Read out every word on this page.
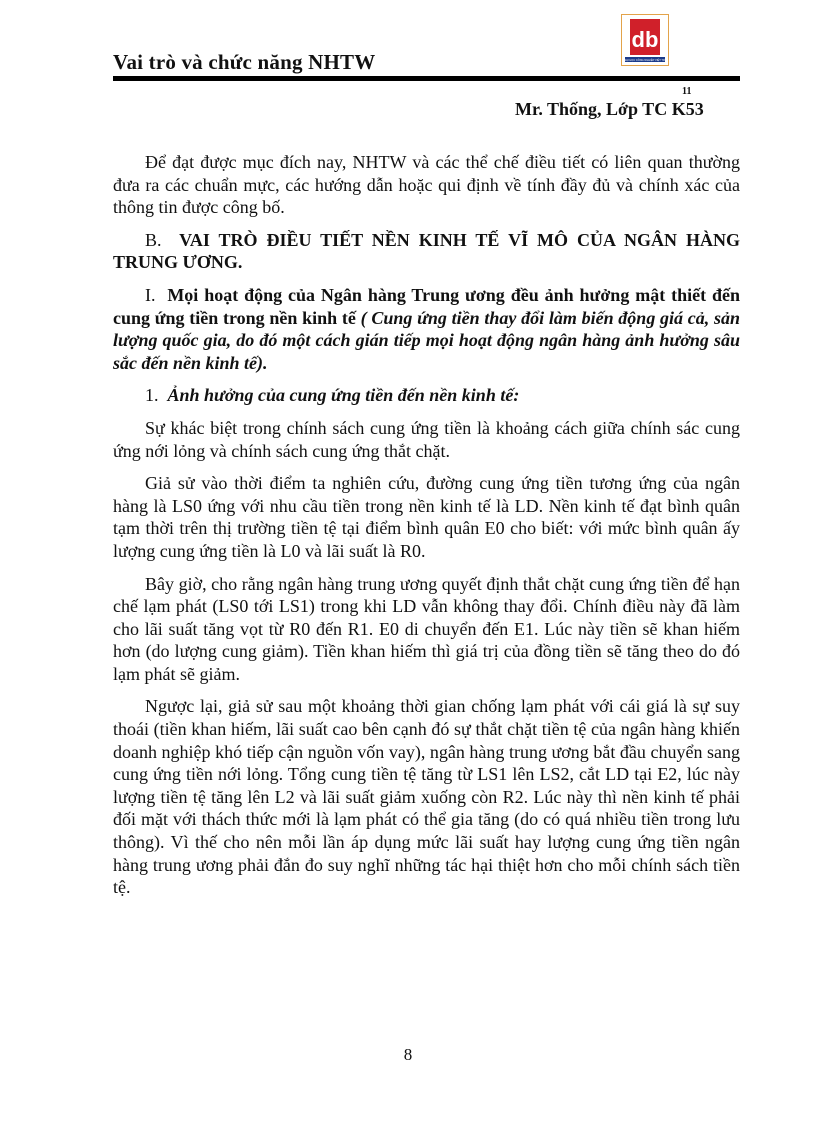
Vai trò và chức năng NHTW
db
ĐẠI HỌC CÔNG NGHIỆP VIỆT TRÌ
11
Mr. Thống, Lớp TC K53

Để đạt được mục đích nay, NHTW và các thể chế điều tiết có liên quan thường đưa ra các chuẩn mực, các hướng dẫn hoặc qui định về tính đầy đủ và chính xác của thông tin được công bố.

B. VAI TRÒ ĐIỀU TIẾT NỀN KINH TẾ VĨ MÔ CỦA NGÂN HÀNG TRUNG ƯƠNG.

I. Mọi hoạt động của Ngân hàng Trung ương đều ảnh hưởng mật thiết đến cung ứng tiền trong nền kinh tế ( Cung ứng tiền thay đổi làm biến động giá cả, sản lượng quốc gia, do đó một cách gián tiếp mọi hoạt động ngân hàng ảnh hưởng sâu sắc đến nền kinh tế).

1. Ảnh hưởng của cung ứng tiền đến nền kinh tế:

Sự khác biệt trong chính sách cung ứng tiền là khoảng cách giữa chính sác cung ứng nới lỏng và chính sách cung ứng thắt chặt.

Giả sử vào thời điểm ta nghiên cứu, đường cung ứng tiền tương ứng của ngân hàng là LS0 ứng với nhu cầu tiền trong nền kinh tế là LD. Nền kinh tế đạt bình quân tạm thời trên thị trường tiền tệ tại điểm bình quân E0 cho biết: với mức bình quân ấy lượng cung ứng tiền là L0 và lãi suất là R0.

Bây giờ, cho rằng ngân hàng trung ương quyết định thắt chặt cung ứng tiền để hạn chế lạm phát (LS0 tới LS1) trong khi LD vẫn không thay đổi. Chính điều này đã làm cho lãi suất tăng vọt từ R0 đến R1. E0 di chuyển đến E1. Lúc này tiền sẽ khan hiếm hơn (do lượng cung giảm). Tiền khan hiếm thì giá trị của đồng tiền sẽ tăng theo do đó lạm phát sẽ giảm.

Ngược lại, giả sử sau một khoảng thời gian chống lạm phát với cái giá là sự suy thoái (tiền khan hiếm, lãi suất cao bên cạnh đó sự thắt chặt tiền tệ của ngân hàng khiến doanh nghiệp khó tiếp cận nguồn vốn vay), ngân hàng trung ương bắt đầu chuyển sang cung ứng tiền nới lỏng. Tổng cung tiền tệ tăng từ LS1 lên LS2, cắt LD tại E2, lúc này lượng tiền tệ tăng lên L2 và lãi suất giảm xuống còn R2. Lúc này thì nền kinh tế phải đối mặt với thách thức mới là lạm phát có thể gia tăng (do có quá nhiều tiền trong lưu thông). Vì thế cho nên mỗi lần áp dụng mức lãi suất hay lượng cung ứng tiền ngân hàng trung ương phải đắn đo suy nghĩ những tác hại thiệt hơn cho mỗi chính sách tiền tệ.

8
